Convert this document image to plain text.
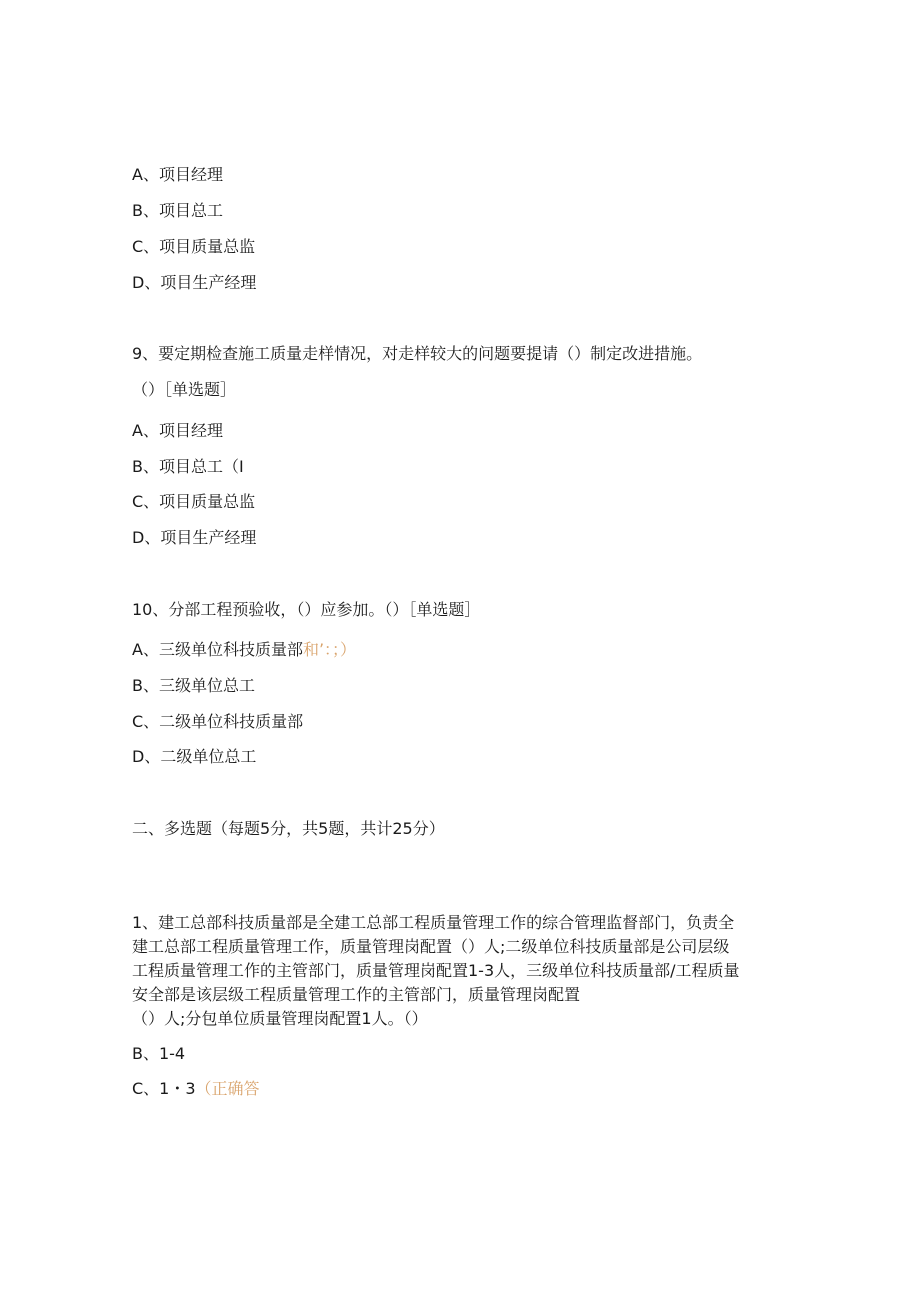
A、项目经理
B、项目总工
C、项目质量总监
D、项目生产经理
9、要定期检查施工质量走样情况，对走样较大的问题要提请（）制定改进措施。
（）［单选题］
A、项目经理
B、项目总工（I
C、项目质量总监
D、项目生产经理
10、分部工程预验收，（）应参加。（）［单选题］
A、三级单位科技质量部和’：；）
B、三级单位总工
C、二级单位科技质量部
D、二级单位总工
二、多选题（每题5分，共5题，共计25分）
1、建工总部科技质量部是全建工总部工程质量管理工作的综合管理监督部门，负责全
建工总部工程质量管理工作，质量管理岗配置（）人;二级单位科技质量部是公司层级
工程质量管理工作的主管部门，质量管理岗配置1-3人，三级单位科技质量部/工程质量
安全部是该层级工程质量管理工作的主管部门，质量管理岗配置
（）人;分包单位质量管理岗配置1人。（）
B、1-4
C、1・3（正确答
